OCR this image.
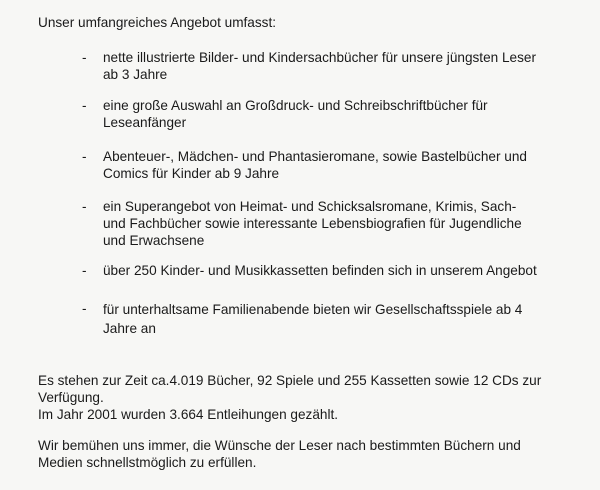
Unser umfangreiches Angebot umfasst:

- nette illustrierte Bilder- und Kindersachbücher für unsere jüngsten Leser
ab 3 Jahre

- eine große Auswahl an Großdruck- und Schreibschriftbücher für
Leseanfänger

- Abenteuer-, Mädchen- und Phantasieromane, sowie Bastelbücher und
Comics für Kinder ab 9 Jahre

- ein Superangebot von Heimat- und Schicksalsromane, Krimis, Sach-
und Fachbücher sowie interessante Lebensbiografien für Jugendliche
und Erwachsene

- über 250 Kinder- und Musikkassetten befinden sich in unserem Angebot

- für unterhaltsame Familienabende bieten wir Gesellschaftsspiele ab 4
Jahre an

Es stehen zur Zeit ca.4.019 Bücher, 92 Spiele und 255 Kassetten sowie 12 CDs zur
Verfügung.
Im Jahr 2001 wurden 3.664 Entleihungen gezählt.

Wir bemühen uns immer, die Wünsche der Leser nach bestimmten Büchern und
Medien schnellstmöglich zu erfüllen.
